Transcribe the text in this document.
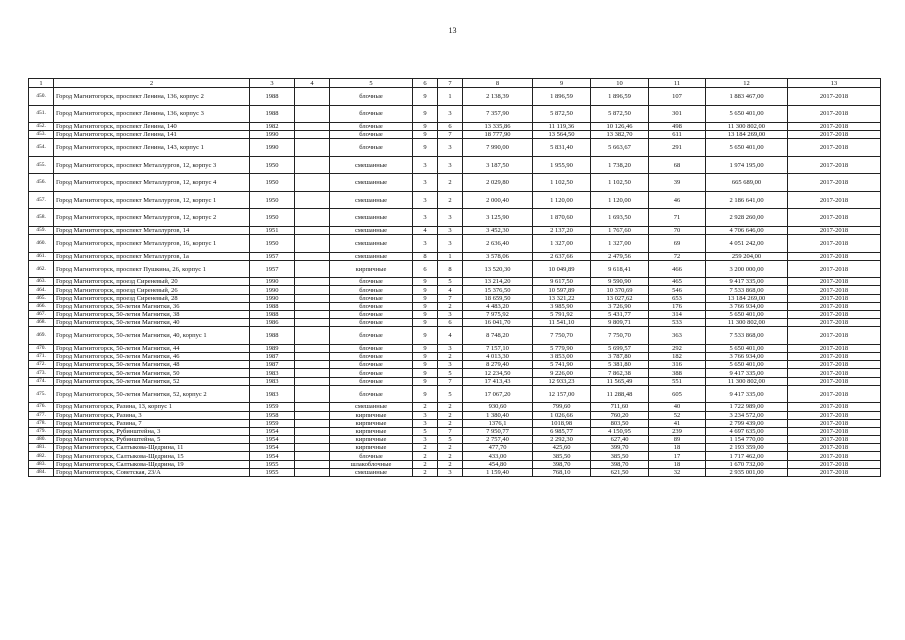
13
1	2	3	4	5	6	7	8	9	10	11	12	13
450.	Город Магнитогорск, проспект Ленина, 136, корпус 2	1988		блочные	9	1	2 138,39	1 896,59	1 896,59	107	1 883 467,00	2017-2018
451.	Город Магнитогорск, проспект Ленина, 136, корпус 3	1988		блочные	9	3	7 357,90	5 872,50	5 872,50	301	5 650 401,00	2017-2018
452.	Город Магнитогорск, проспект Ленина, 140	1982		блочные	9	6	13 335,86	11 119,36	10 126,46	498	11 300 802,00	2017-2018
453.	Город Магнитогорск, проспект Ленина, 141	1990		блочные	9	7	18 777,90	13 564,50	13 382,70	611	13 184 269,00	2017-2018
454.	Город Магнитогорск, проспект Ленина, 143, корпус 1	1990		блочные	9	3	7 990,00	5 831,40	5 663,67	291	5 650 401,00	2017-2018
455.	Город Магнитогорск, проспект Металлургов, 12, корпус 3	1950		смешанные	3	3	3 187,50	1 955,90	1 738,20	68	1 974 195,00	2017-2018
456.	Город Магнитогорск, проспект Металлургов, 12, корпус 4	1950		смешанные	3	2	2 029,80	1 102,50	1 102,50	39	665 689,00	2017-2018
457.	Город Магнитогорск, проспект Металлургов, 12, корпус 1	1950		смешанные	3	2	2 000,40	1 120,00	1 120,00	46	2 186 641,00	2017-2018
458.	Город Магнитогорск, проспект Металлургов, 12, корпус 2	1950		смешанные	3	3	3 125,90	1 870,60	1 693,50	71	2 928 260,00	2017-2018
459.	Город Магнитогорск, проспект Металлургов, 14	1951		смешанные	4	3	3 452,30	2 137,20	1 767,60	70	4 706 646,00	2017-2018
460.	Город Магнитогорск, проспект Металлургов, 16, корпус 1	1950		смешанные	3	3	2 636,40	1 327,00	1 327,00	69	4 051 242,00	2017-2018
461.	Город Магнитогорск, проспект Металлургов, 1а	1957		смешанные	8	1	3 578,06	2 637,66	2 479,56	72	259 204,00	2017-2018
462.	Город Магнитогорск, проспект Пушкина, 26, корпус 1	1957		кирпичные	6	8	13 520,30	10 049,89	9 618,41	466	3 200 000,00	2017-2018
463.	Город Магнитогорск, проезд Сиреневый, 20	1990		блочные	9	5	13 214,20	9 617,50	9 590,90	465	9 417 335,00	2017-2018
464.	Город Магнитогорск, проезд Сиреневый, 26	1990		блочные	9	4	15 376,50	10 597,89	10 370,69	546	7 533 868,00	2017-2018
465.	Город Магнитогорск, проезд Сиреневый, 28	1990		блочные	9	7	18 659,50	13 321,22	13 027,62	653	13 184 269,00	2017-2018
466.	Город Магнитогорск, 50-летия Магнитки, 36	1988		блочные	9	2	4 483,20	3 985,90	3 726,90	176	3 766 934,00	2017-2018
467.	Город Магнитогорск, 50-летия Магнитки, 38	1988		блочные	9	3	7 975,92	5 791,92	5 431,77	314	5 650 401,00	2017-2018
468.	Город Магнитогорск, 50-летия Магнитки, 40	1986		блочные	9	6	16 041,70	11 541,10	9 809,71	533	11 300 802,00	2017-2018
469.	Город Магнитогорск, 50-летия Магнитки, 40, корпус 1	1988		блочные	9	4	8 748,20	7 750,70	7 750,70	363	7 533 868,00	2017-2018
470.	Город Магнитогорск, 50-летия Магнитки, 44	1989		блочные	9	3	7 157,10	5 779,90	5 699,57	292	5 650 401,00	2017-2018
471.	Город Магнитогорск, 50-летия Магнитки, 46	1987		блочные	9	2	4 013,30	3 853,00	3 787,80	182	3 766 934,00	2017-2018
472.	Город Магнитогорск, 50-летия Магнитки, 48	1987		блочные	9	3	8 279,40	5 741,90	5 381,80	316	5 650 401,00	2017-2018
473.	Город Магнитогорск, 50-летия Магнитки, 50	1983		блочные	9	5	12 234,50	9 226,00	7 862,38	388	9 417 335,00	2017-2018
474.	Город Магнитогорск, 50-летия Магнитки, 52	1983		блочные	9	7	17 413,43	12 933,23	11 565,49	551	11 300 802,00	2017-2018
475.	Город Магнитогорск, 50-летия Магнитки, 52, корпус 2	1983		блочные	9	5	17 067,20	12 157,00	11 288,48	605	9 417 335,00	2017-2018
476.	Город Магнитогорск, Разина, 13, корпус 1	1959		смешанные	2	2	930,60	799,60	711,60	40	1 722 989,00	2017-2018
477.	Город Магнитогорск, Разина, 3	1958		кирпичные	3	2	1 380,40	1 026,66	760,20	52	3 234 572,00	2017-2018
478.	Город Магнитогорск, Разина, 7	1959		кирпичные	3	2	1376,1	1018,98	803,50	41	2 799 439,00	2017-2018
479.	Город Магнитогорск, Рубинштейна, 3	1954		кирпичные	5	7	7 950,77	6 985,77	4 150,95	239	4 697 635,00	2017-2018
480.	Город Магнитогорск, Рубинштейна, 5	1954		кирпичные	3	5	2 757,40	2 292,30	627,40	89	1 154 770,00	2017-2018
481.	Город Магнитогорск, Салтыкова-Щедрина, 11	1954		кирпичные	2	2	477,70	425,60	399,70	18	2 193 359,00	2017-2018
482.	Город Магнитогорск, Салтыкова-Щедрина, 15	1954		блочные	2	2	433,00	385,50	385,50	17	1 717 462,00	2017-2018
483.	Город Магнитогорск, Салтыкова-Щедрина, 19	1955		шлакоблочные	2	2	454,80	398,70	398,70	18	1 670 732,00	2017-2018
484.	Город Магнитогорск, Советская, 23/А	1955		смешанные	2	3	1 159,40	768,10	621,50	32	2 935 001,00	2017-2018
